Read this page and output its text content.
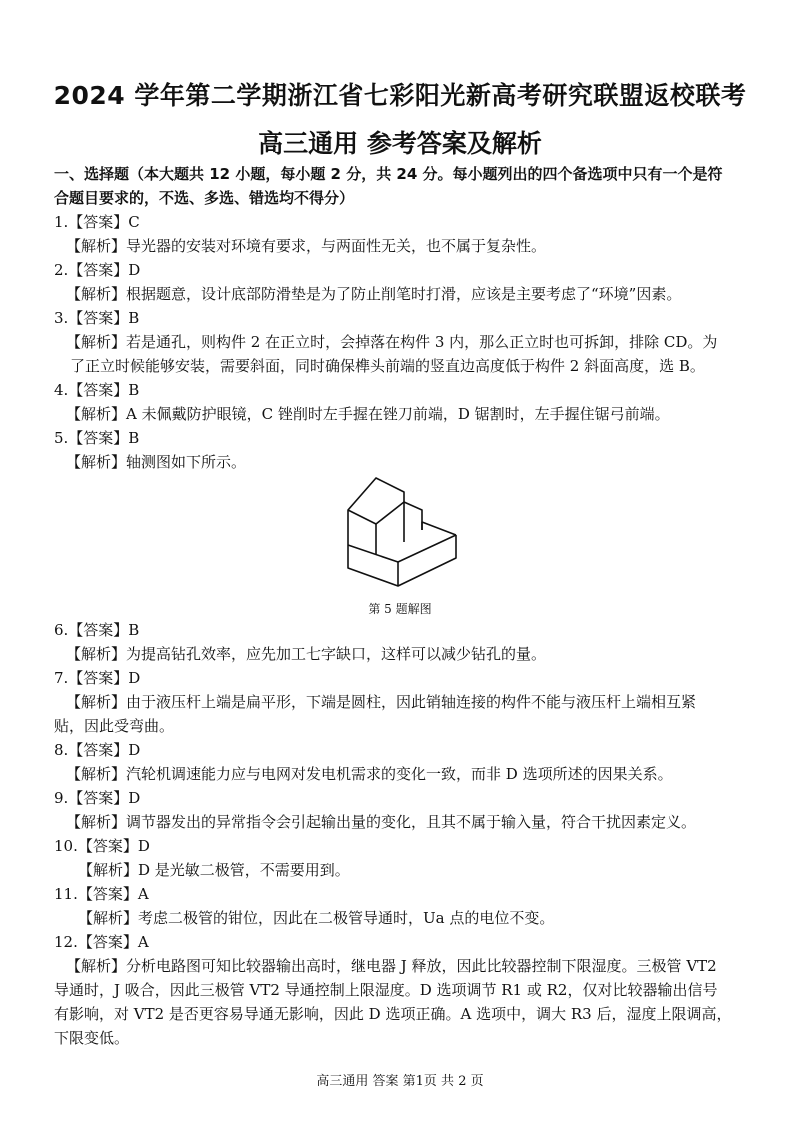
2024 学年第二学期浙江省七彩阳光新高考研究联盟返校联考
高三通用 参考答案及解析
一、选择题（本大题共 12 小题，每小题 2 分，共 24 分。每小题列出的四个备选项中只有一个是符
合题目要求的，不选、多选、错选均不得分）
1.【答案】C
【解析】导光器的安装对环境有要求，与两面性无关，也不属于复杂性。
2.【答案】D
【解析】根据题意，设计底部防滑垫是为了防止削笔时打滑，应该是主要考虑了“环境”因素。
3.【答案】B
【解析】若是通孔，则构件 2 在正立时，会掉落在构件 3 内，那么正立时也可拆卸，排除 CD。为
了正立时候能够安装，需要斜面，同时确保榫头前端的竖直边高度低于构件 2 斜面高度，选 B。
4.【答案】B
【解析】A 未佩戴防护眼镜，C 锉削时左手握在锉刀前端，D 锯割时，左手握住锯弓前端。
5.【答案】B
【解析】轴测图如下所示。
第 5 题解图
6.【答案】B
【解析】为提高钻孔效率，应先加工七字缺口，这样可以减少钻孔的量。
7.【答案】D
【解析】由于液压杆上端是扁平形，下端是圆柱，因此销轴连接的构件不能与液压杆上端相互紧
贴，因此受弯曲。
8.【答案】D
【解析】汽轮机调速能力应与电网对发电机需求的变化一致，而非 D 选项所述的因果关系。
9.【答案】D
【解析】调节器发出的异常指令会引起输出量的变化，且其不属于输入量，符合干扰因素定义。
10.【答案】D
【解析】D 是光敏二极管，不需要用到。
11.【答案】A
【解析】考虑二极管的钳位，因此在二极管导通时，Ua 点的电位不变。
12.【答案】A
【解析】分析电路图可知比较器输出高时，继电器 J 释放，因此比较器控制下限湿度。三极管 VT2
导通时，J 吸合，因此三极管 VT2 导通控制上限湿度。D 选项调节 R1 或 R2，仅对比较器输出信号
有影响，对 VT2 是否更容易导通无影响，因此 D 选项正确。A 选项中，调大 R3 后，湿度上限调高，
下限变低。
高三通用 答案 第1页 共 2 页
